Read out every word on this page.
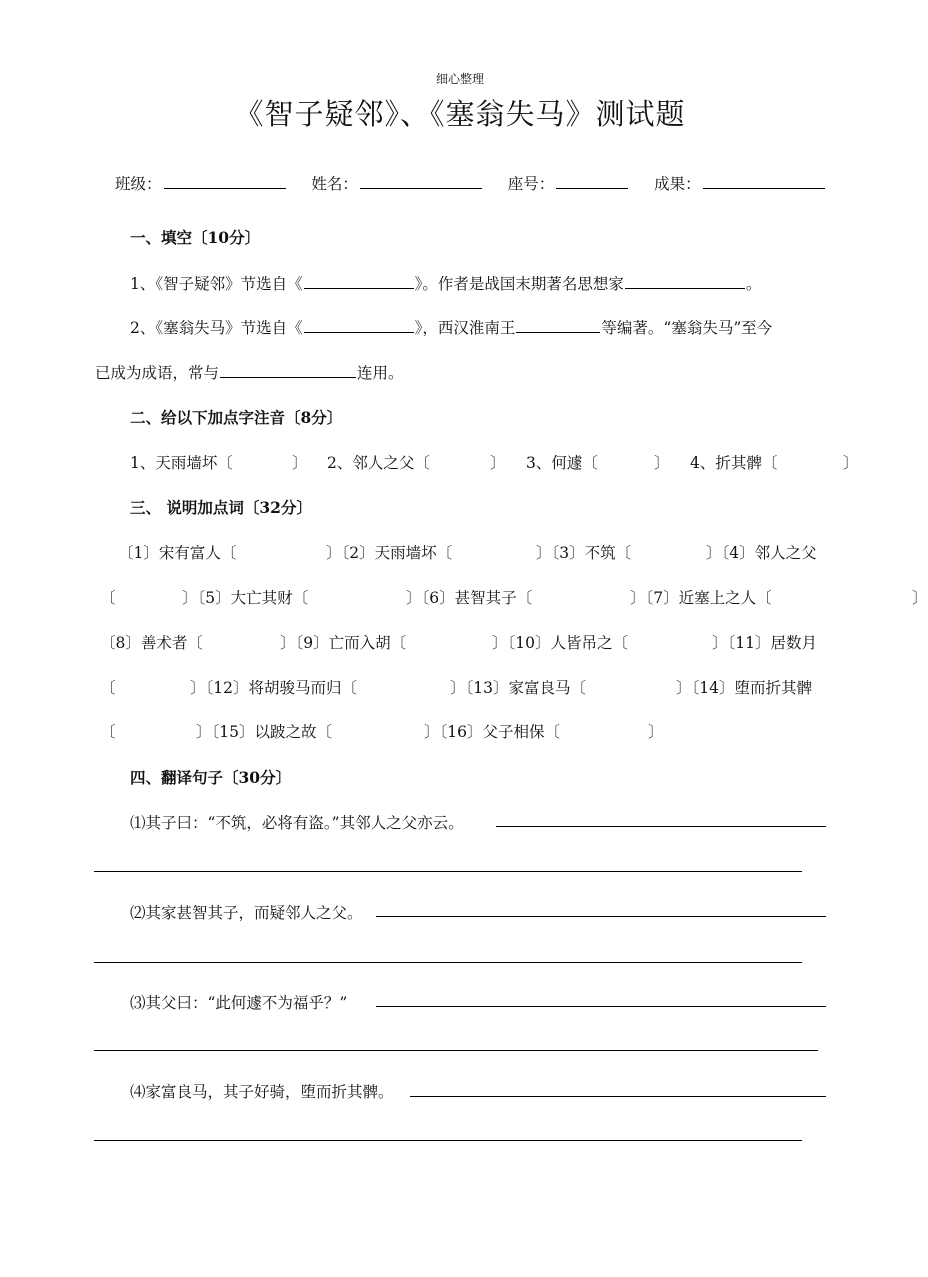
细心整理
《智子疑邻》、《塞翁失马》测试题
班级：	姓名：	座号：	成果：
一、填空〔10分〕
1、《智子疑邻》节选自《	》。作者是战国末期著名思想家	。
2、《塞翁失马》节选自《	》，西汉淮南王	等编著。“塞翁失马”至今
已成为成语，常与	连用。
二、给以下加点字注音〔8分〕
1、天雨墙坏〔	〕 2、邻人之父〔	〕 3、何遽〔	〕 4、折其髀〔	〕
三、 说明加点词〔32分〕
〔1〕宋有富人〔	〕〔2〕天雨墙坏〔	〕〔3〕不筑〔	〕〔4〕邻人之父
〔	〕〔5〕大亡其财〔	〕〔6〕甚智其子〔	〕〔7〕近塞上之人〔	〕
〔8〕善术者〔	〕〔9〕亡而入胡〔	〕〔10〕人皆吊之〔	〕〔11〕居数月
〔	〕〔12〕将胡骏马而归〔	〕〔13〕家富良马〔	〕〔14〕堕而折其髀
〔	〕〔15〕以跛之故〔	〕〔16〕父子相保〔	〕
四、翻译句子〔30分〕
⑴其子曰：“不筑，必将有盗。”其邻人之父亦云。
⑵其家甚智其子，而疑邻人之父。
⑶其父曰：“此何遽不为福乎？”
⑷家富良马，其子好骑，堕而折其髀。
